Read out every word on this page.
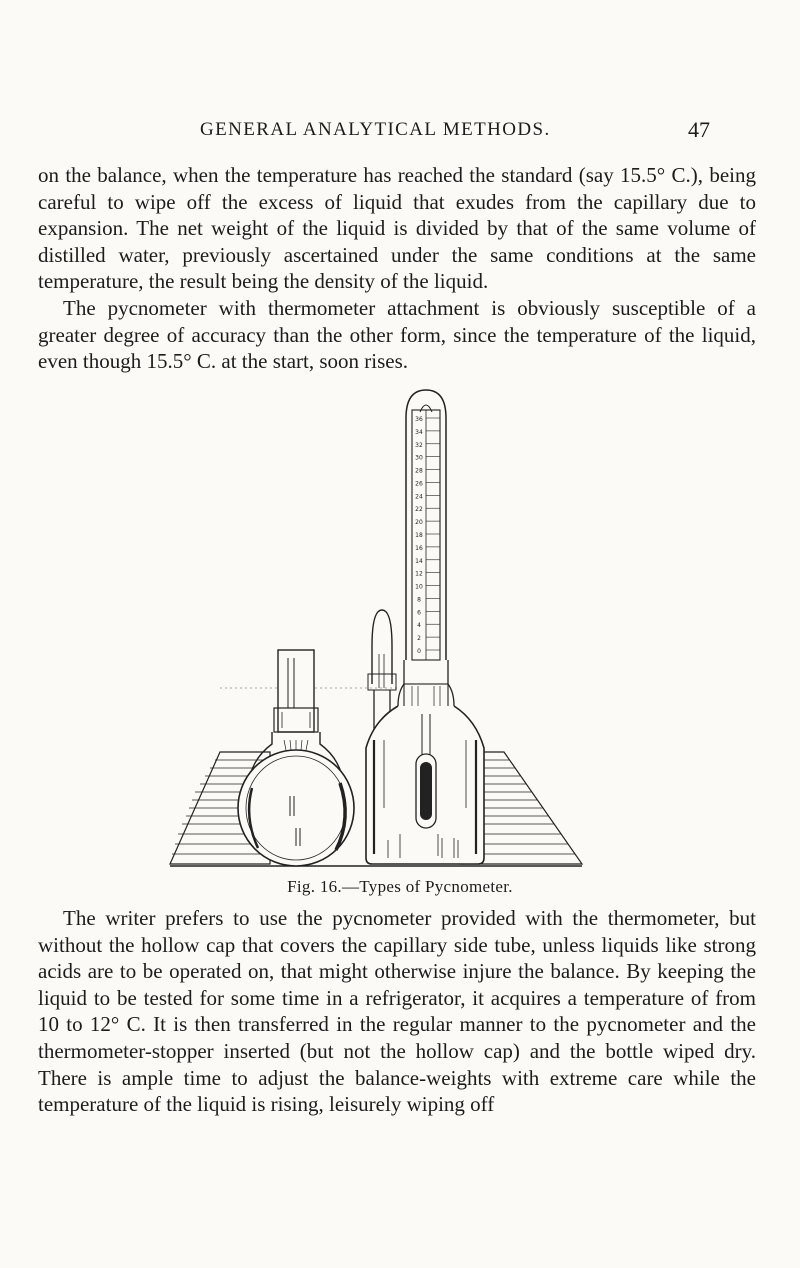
GENERAL ANALYTICAL METHODS.	47

on the balance, when the temperature has reached the standard (say 15.5° C.), being careful to wipe off the excess of liquid that exudes from the capillary due to expansion. The net weight of the liquid is divided by that of the same volume of distilled water, previously ascertained under the same conditions at the same temperature, the result being the density of the liquid.

The pycnometer with thermometer attachment is obviously susceptible of a greater degree of accuracy than the other form, since the temperature of the liquid, even though 15.5° C. at the start, soon rises.

0
2
4
6
8
10
12
14
16
18
20
22
24
26
28
30
32
34
36
Fig. 16.—Types of Pycnometer.

The writer prefers to use the pycnometer provided with the thermometer, but without the hollow cap that covers the capillary side tube, unless liquids like strong acids are to be operated on, that might otherwise injure the balance. By keeping the liquid to be tested for some time in a refrigerator, it acquires a temperature of from 10 to 12° C. It is then transferred in the regular manner to the pycnometer and the thermometer-stopper inserted (but not the hollow cap) and the bottle wiped dry. There is ample time to adjust the balance-weights with extreme care while the temperature of the liquid is rising, leisurely wiping off
